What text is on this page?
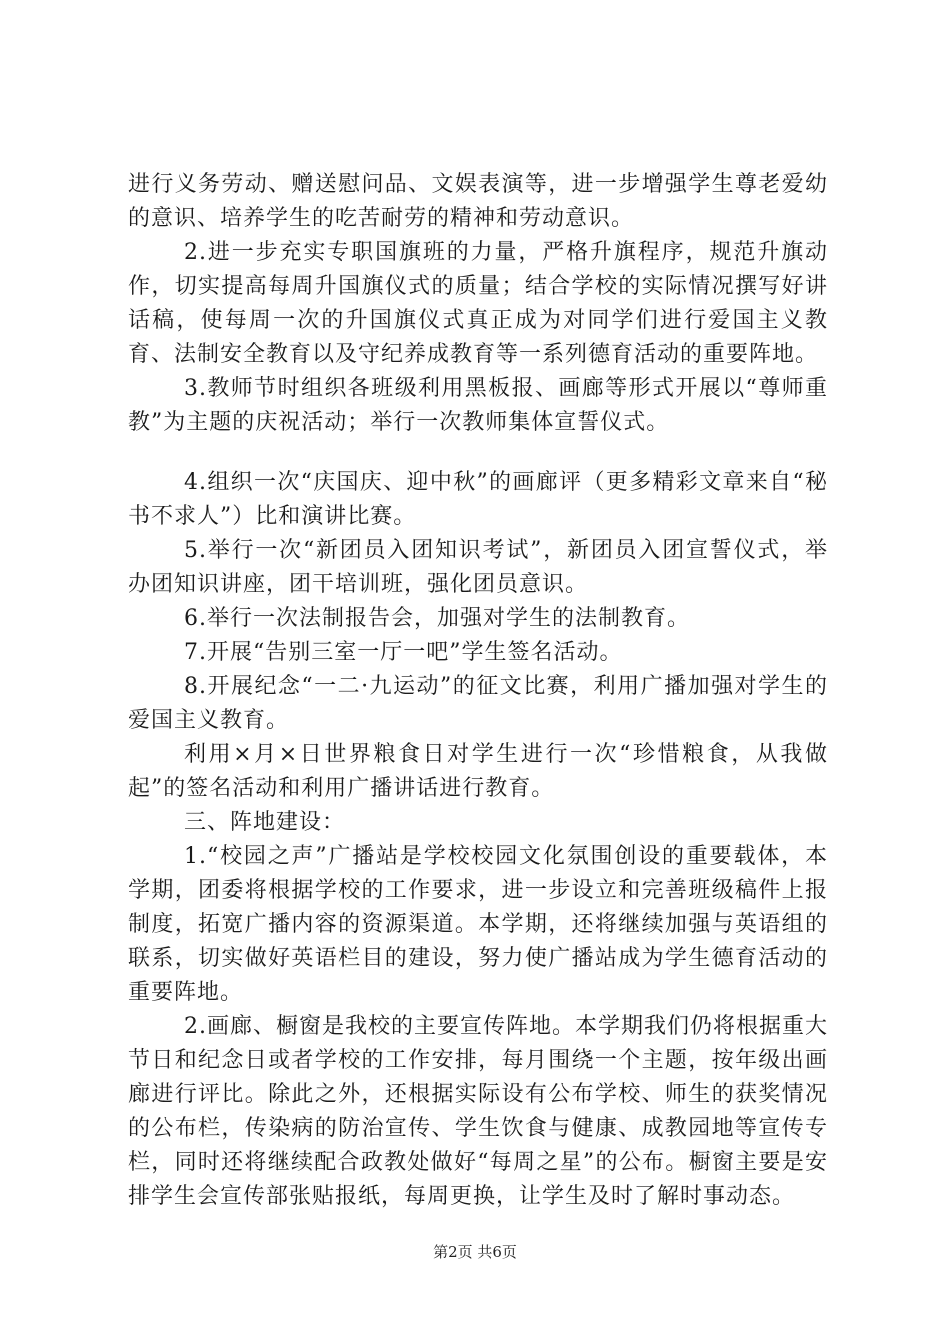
进行义务劳动、赠送慰问品、文娱表演等，进一步增强学生尊老爱幼的意识、培养学生的吃苦耐劳的精神和劳动意识。

2.进一步充实专职国旗班的力量，严格升旗程序，规范升旗动作，切实提高每周升国旗仪式的质量；结合学校的实际情况撰写好讲话稿，使每周一次的升国旗仪式真正成为对同学们进行爱国主义教育、法制安全教育以及守纪养成教育等一系列德育活动的重要阵地。

3.教师节时组织各班级利用黑板报、画廊等形式开展以“尊师重教”为主题的庆祝活动；举行一次教师集体宣誓仪式。

4.组织一次“庆国庆、迎中秋”的画廊评（更多精彩文章来自“秘书不求人”）比和演讲比赛。

5.举行一次“新团员入团知识考试”，新团员入团宣誓仪式，举办团知识讲座，团干培训班，强化团员意识。

6.举行一次法制报告会，加强对学生的法制教育。

7.开展“告别三室一厅一吧”学生签名活动。

8.开展纪念“一二·九运动”的征文比赛，利用广播加强对学生的爱国主义教育。

利用×月×日世界粮食日对学生进行一次“珍惜粮食，从我做起”的签名活动和利用广播讲话进行教育。

三、阵地建设：

1.“校园之声”广播站是学校校园文化氛围创设的重要载体，本学期，团委将根据学校的工作要求，进一步设立和完善班级稿件上报制度，拓宽广播内容的资源渠道。本学期，还将继续加强与英语组的联系，切实做好英语栏目的建设，努力使广播站成为学生德育活动的重要阵地。

2.画廊、橱窗是我校的主要宣传阵地。本学期我们仍将根据重大节日和纪念日或者学校的工作安排，每月围绕一个主题，按年级出画廊进行评比。除此之外，还根据实际设有公布学校、师生的获奖情况的公布栏，传染病的防治宣传、学生饮食与健康、成教园地等宣传专栏，同时还将继续配合政教处做好“每周之星”的公布。橱窗主要是安排学生会宣传部张贴报纸，每周更换，让学生及时了解时事动态。

第2页 共6页
